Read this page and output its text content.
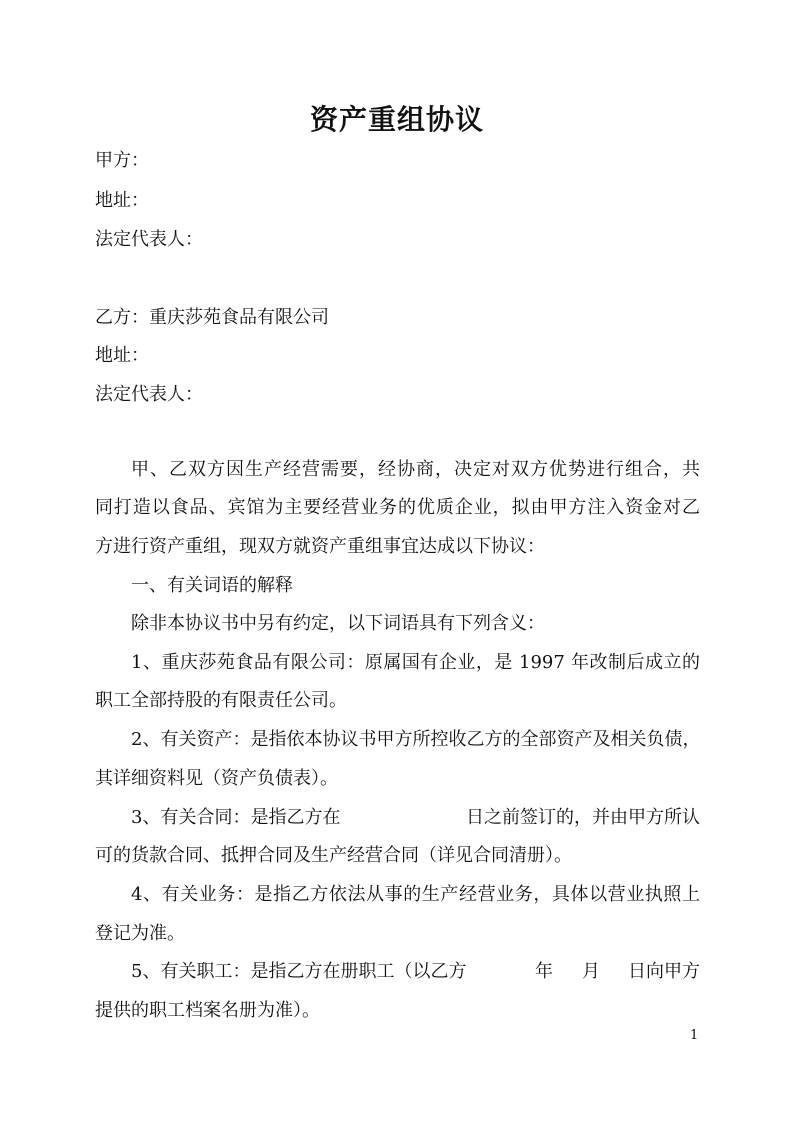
资产重组协议
甲方：
地址：
法定代表人：
乙方：重庆莎苑食品有限公司
地址：
法定代表人：
甲、乙双方因生产经营需要，经协商，决定对双方优势进行组合，共
同打造以食品、宾馆为主要经营业务的优质企业，拟由甲方注入资金对乙
方进行资产重组，现双方就资产重组事宜达成以下协议：
一、有关词语的解释
除非本协议书中另有约定，以下词语具有下列含义：
1、重庆莎苑食品有限公司：原属国有企业，是 1997 年改制后成立的
职工全部持股的有限责任公司。
2、有关资产：是指依本协议书甲方所控收乙方的全部资产及相关负债，
其详细资料见（资产负债表）。
3、有关合同：是指乙方在	日之前签订的，并由甲方所认
可的货款合同、抵押合同及生产经营合同（详见合同清册）。
4、有关业务：是指乙方依法从事的生产经营业务，具体以营业执照上
登记为准。
5、有关职工：是指乙方在册职工（以乙方	年 月 日向甲方
提供的职工档案名册为准）。
1
